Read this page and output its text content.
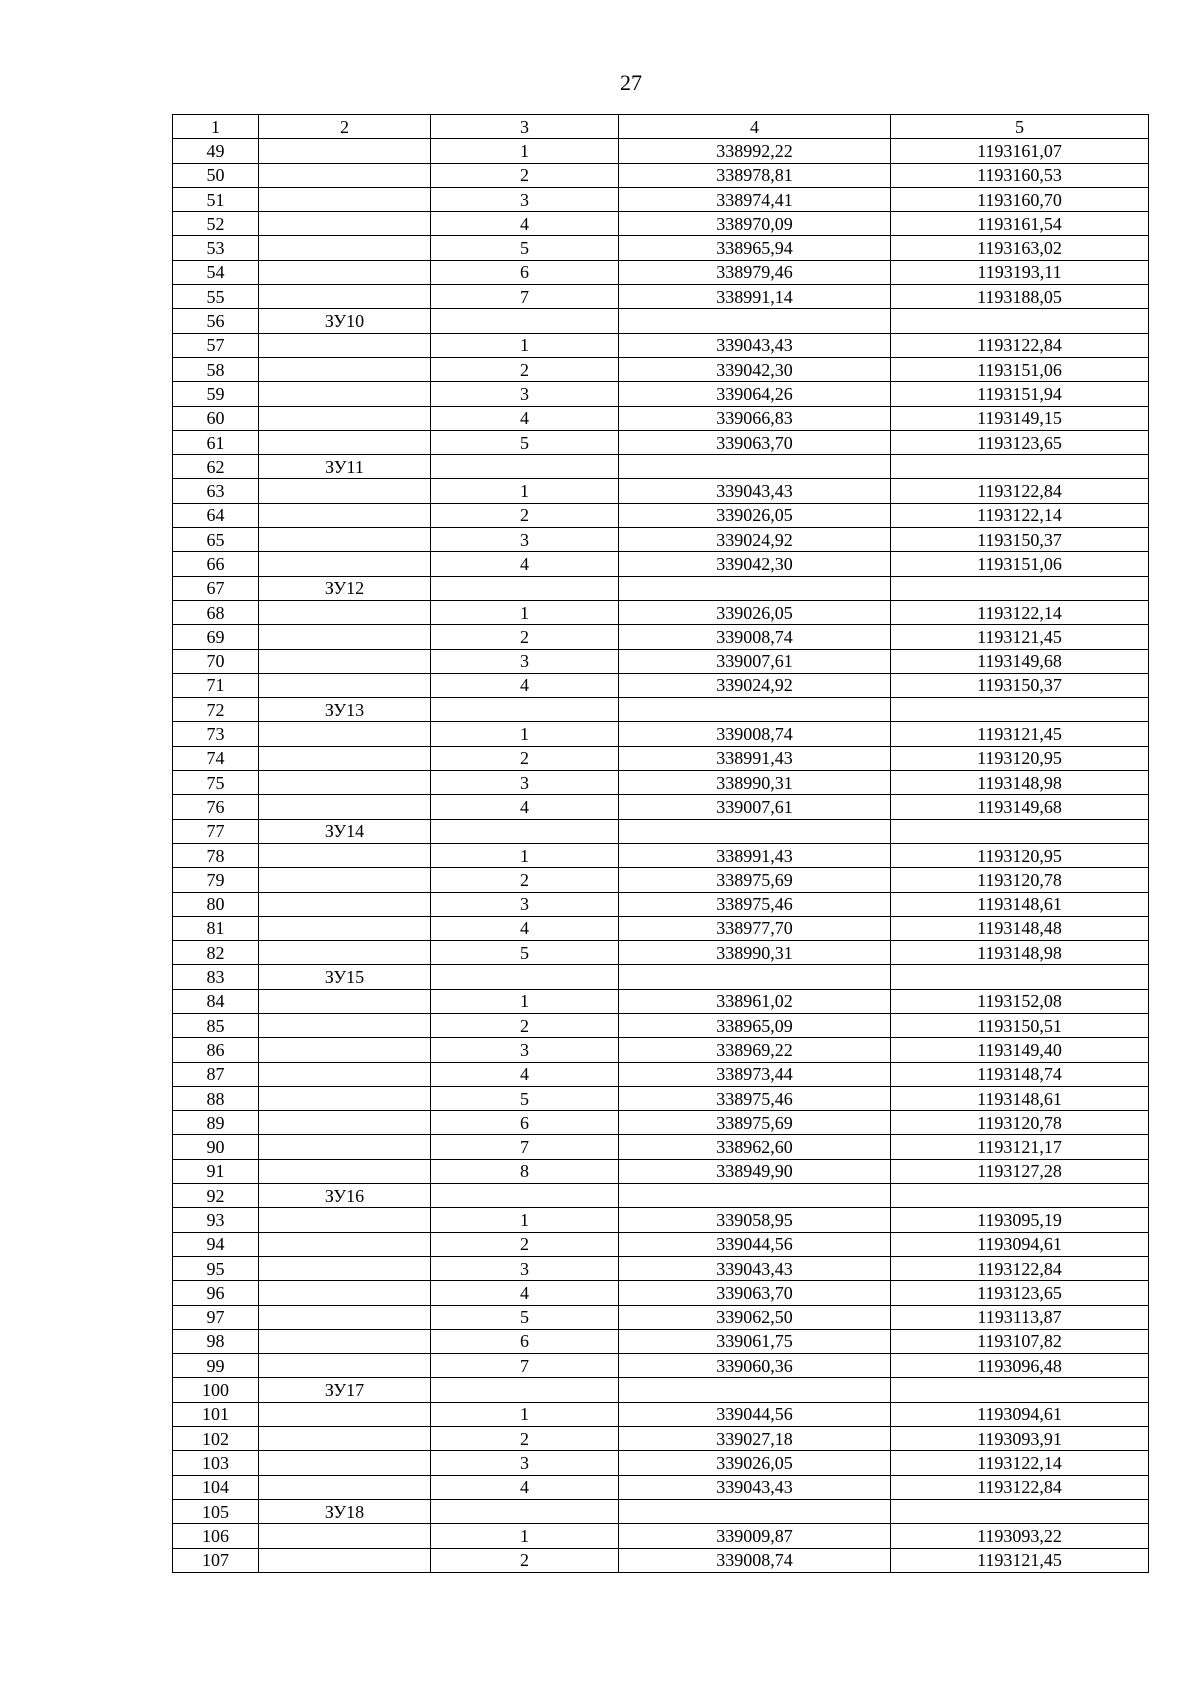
27
1	2	3	4	5
49		1	338992,22	1193161,07
50		2	338978,81	1193160,53
51		3	338974,41	1193160,70
52		4	338970,09	1193161,54
53		5	338965,94	1193163,02
54		6	338979,46	1193193,11
55		7	338991,14	1193188,05
56	ЗУ10			
57		1	339043,43	1193122,84
58		2	339042,30	1193151,06
59		3	339064,26	1193151,94
60		4	339066,83	1193149,15
61		5	339063,70	1193123,65
62	ЗУ11			
63		1	339043,43	1193122,84
64		2	339026,05	1193122,14
65		3	339024,92	1193150,37
66		4	339042,30	1193151,06
67	ЗУ12			
68		1	339026,05	1193122,14
69		2	339008,74	1193121,45
70		3	339007,61	1193149,68
71		4	339024,92	1193150,37
72	ЗУ13			
73		1	339008,74	1193121,45
74		2	338991,43	1193120,95
75		3	338990,31	1193148,98
76		4	339007,61	1193149,68
77	ЗУ14			
78		1	338991,43	1193120,95
79		2	338975,69	1193120,78
80		3	338975,46	1193148,61
81		4	338977,70	1193148,48
82		5	338990,31	1193148,98
83	ЗУ15			
84		1	338961,02	1193152,08
85		2	338965,09	1193150,51
86		3	338969,22	1193149,40
87		4	338973,44	1193148,74
88		5	338975,46	1193148,61
89		6	338975,69	1193120,78
90		7	338962,60	1193121,17
91		8	338949,90	1193127,28
92	ЗУ16			
93		1	339058,95	1193095,19
94		2	339044,56	1193094,61
95		3	339043,43	1193122,84
96		4	339063,70	1193123,65
97		5	339062,50	1193113,87
98		6	339061,75	1193107,82
99		7	339060,36	1193096,48
100	ЗУ17			
101		1	339044,56	1193094,61
102		2	339027,18	1193093,91
103		3	339026,05	1193122,14
104		4	339043,43	1193122,84
105	ЗУ18			
106		1	339009,87	1193093,22
107		2	339008,74	1193121,45
